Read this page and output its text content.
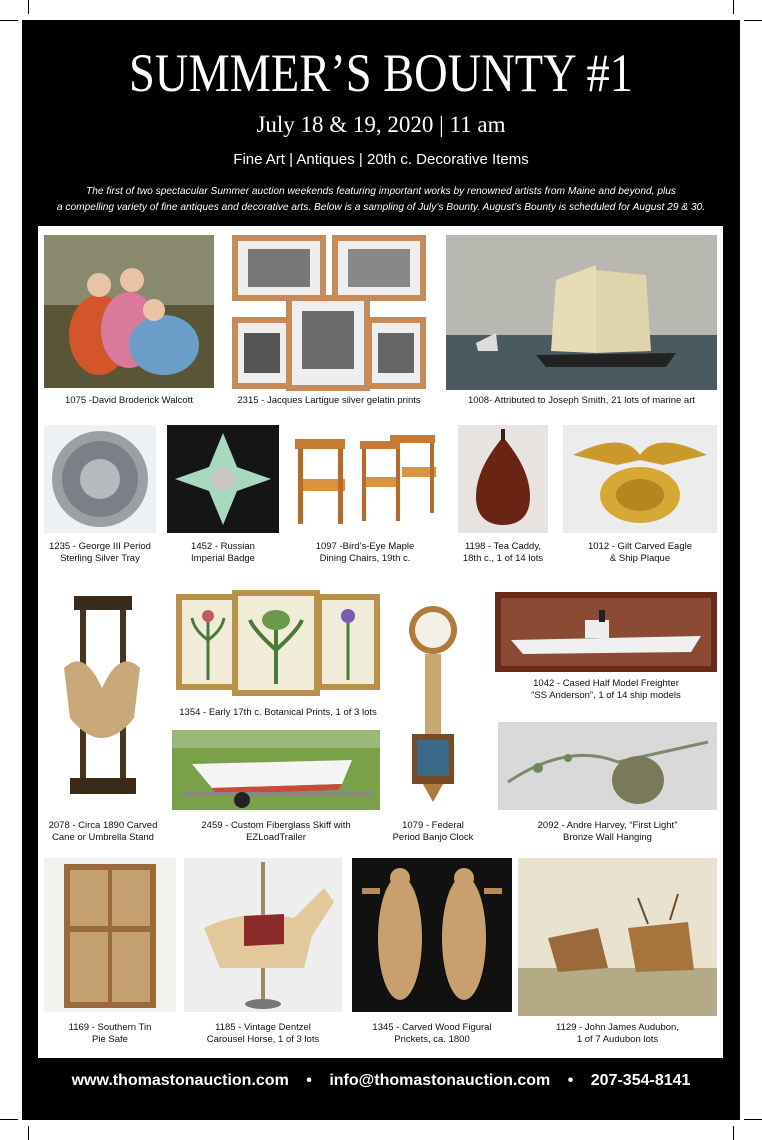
SUMMER’S BOUNTY #1
July 18 & 19, 2020 | 11 am
Fine Art | Antiques | 20th c. Decorative Items
The first of two spectacular Summer auction weekends featuring important works by renowned artists from Maine and beyond, plus
a compelling variety of fine antiques and decorative arts. Below is a sampling of July’s Bounty. August’s Bounty is scheduled for August 29 & 30.
1075 -David Broderick Walcott	2315 - Jacques Lartigue silver gelatin prints	1008- Attributed to Joseph Smith, 21 lots of marine art
1235 - George III Period
Sterling Silver Tray
1452 - Russian
Imperial Badge
1097 -Bird’s-Eye Maple
Dining Chairs, 19th c.
1198 - Tea Caddy,
18th c., 1 of 14 lots
1012 - Gilt Carved Eagle
& Ship Plaque
2078 - Circa 1890 Carved
Cane or Umbrella Stand
1354 - Early 17th c. Botanical Prints, 1 of 3 lots
2459 - Custom Fiberglass Skiff with
EZLoadTrailer
1079 - Federal
Period Banjo Clock
1042 - Cased Half Model Freighter
“SS Anderson”, 1 of 14 ship models
2092 - Andre Harvey, “First Light”
Bronze Wall Hanging
1169 - Southern Tin
Pie Safe
1185 - Vintage Dentzel
Carousel Horse, 1 of 3 lots
1345 - Carved Wood Figural
Prickets, ca. 1800
1129 - John James Audubon,
1 of 7 Audubon lots
www.thomastonauction.com • info@thomastonauction.com • 207-354-8141
